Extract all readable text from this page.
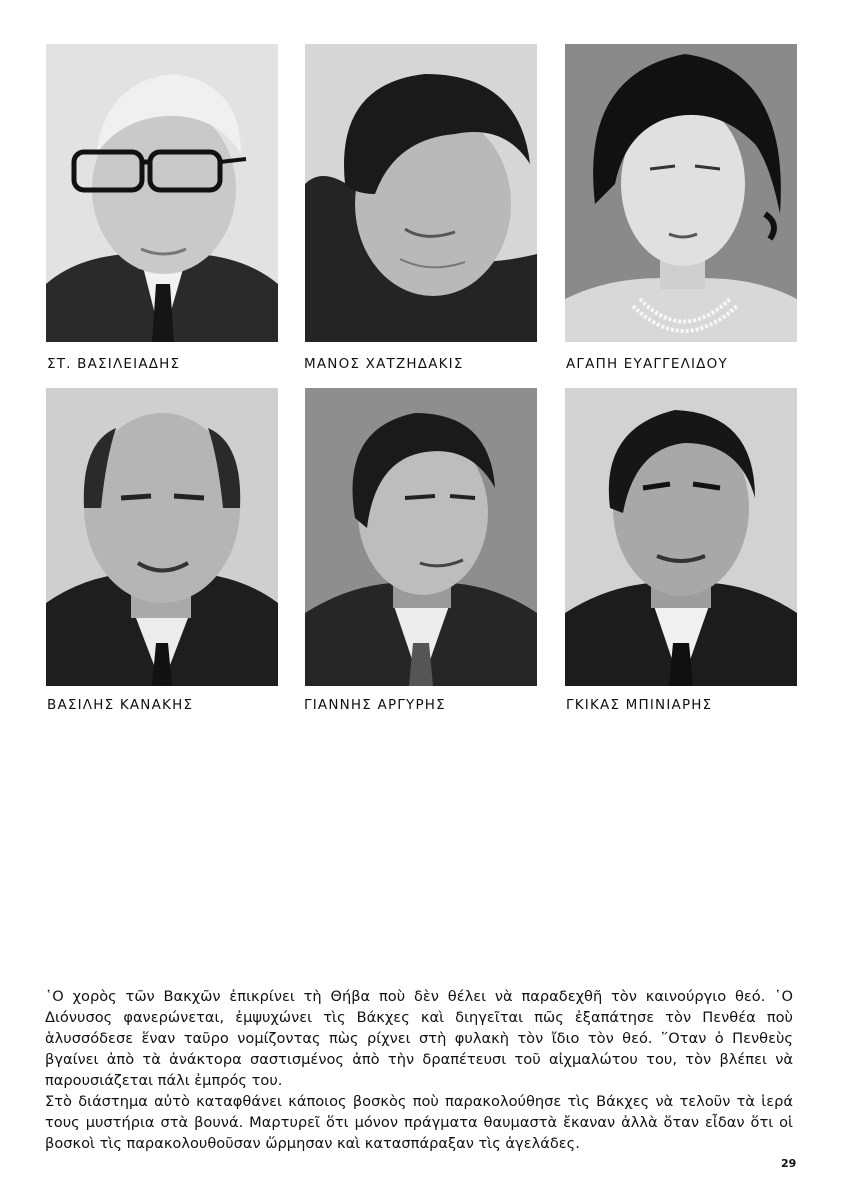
ΣΤ. ΒΑΣΙΛΕΙΑΔΗΣ	ΜΑΝΟΣ ΧΑΤΖΗΔΑΚΙΣ	ΑΓΑΠΗ ΕΥΑΓΓΕΛΙΔΟΥ
ΒΑΣΙΛΗΣ ΚΑΝΑΚΗΣ	ΓΙΑΝΝΗΣ ΑΡΓΥΡΗΣ	ΓΚΙΚΑΣ ΜΠΙΝΙΑΡΗΣ

῾Ο χορὸς τῶν Βακχῶν ἐπικρίνει τὴ Θήβα ποὺ δὲν θέλει νὰ παραδεχθῆ τὸν καινούργιο θεό. ῾Ο Διόνυσος φανερώνεται, ἐμψυχώνει τὶς Βάκχες καὶ διηγεῖται πῶς ἐξαπάτησε τὸν Πενθέα ποὺ ἁλυσσόδεσε ἕναν ταῦρο νομίζοντας πὼς ρίχνει στὴ φυλακὴ τὸν ἴδιο τὸν θεό. ῞Οταν ὁ Πενθεὺς βγαίνει ἀπὸ τὰ ἀνάκτορα σαστισμένος ἀπὸ τὴν δραπέτευσι τοῦ αἰχμαλώτου του, τὸν βλέπει νὰ παρουσιάζεται πάλι ἐμπρός του.

Στὸ διάστημα αὐτὸ καταφθάνει κάποιος βοσκὸς ποὺ παρακολούθησε τὶς Βάκχες νὰ τελοῦν τὰ ἱερά τους μυστήρια στὰ βουνά. Μαρτυρεῖ ὅτι μόνον πράγματα θαυμαστὰ ἔκαναν ἀλλὰ ὅταν εἶδαν ὅτι οἱ βοσκοὶ τὶς παρακολουθοῦσαν ὥρμησαν καὶ κατασπάραξαν τὶς ἀγελάδες.

29
